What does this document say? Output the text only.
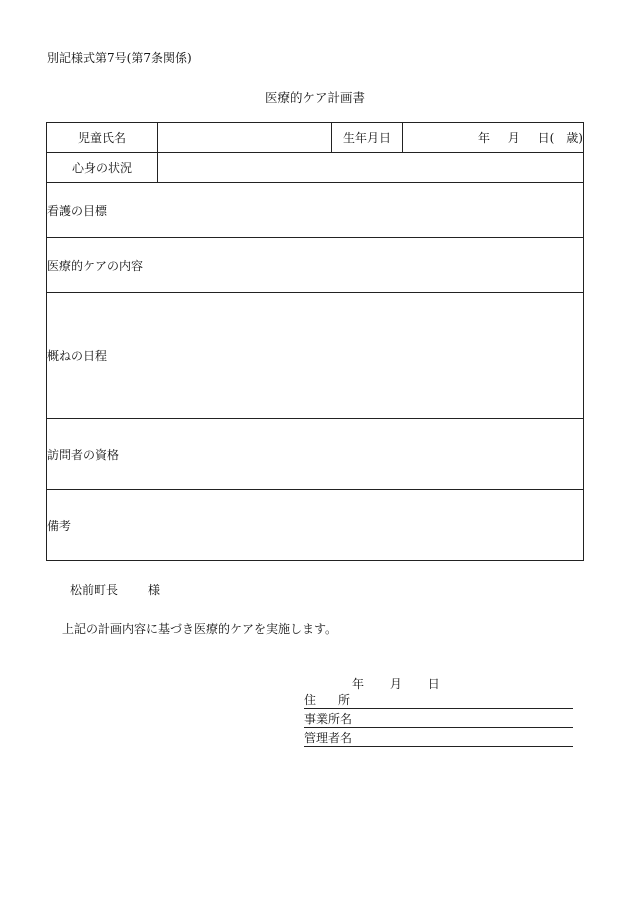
別記様式第7号(第7条関係)
医療的ケア計画書
児童氏名		生年月日	年 月 日(　歳)
心身の状況			
看護の目標			
医療的ケアの内容			
概ねの日程			
訪問者の資格			
備考			
松前町長	様
上記の計画内容に基づき医療的ケアを実施します。
年 月 日
住 所
事業所名
管理者名
